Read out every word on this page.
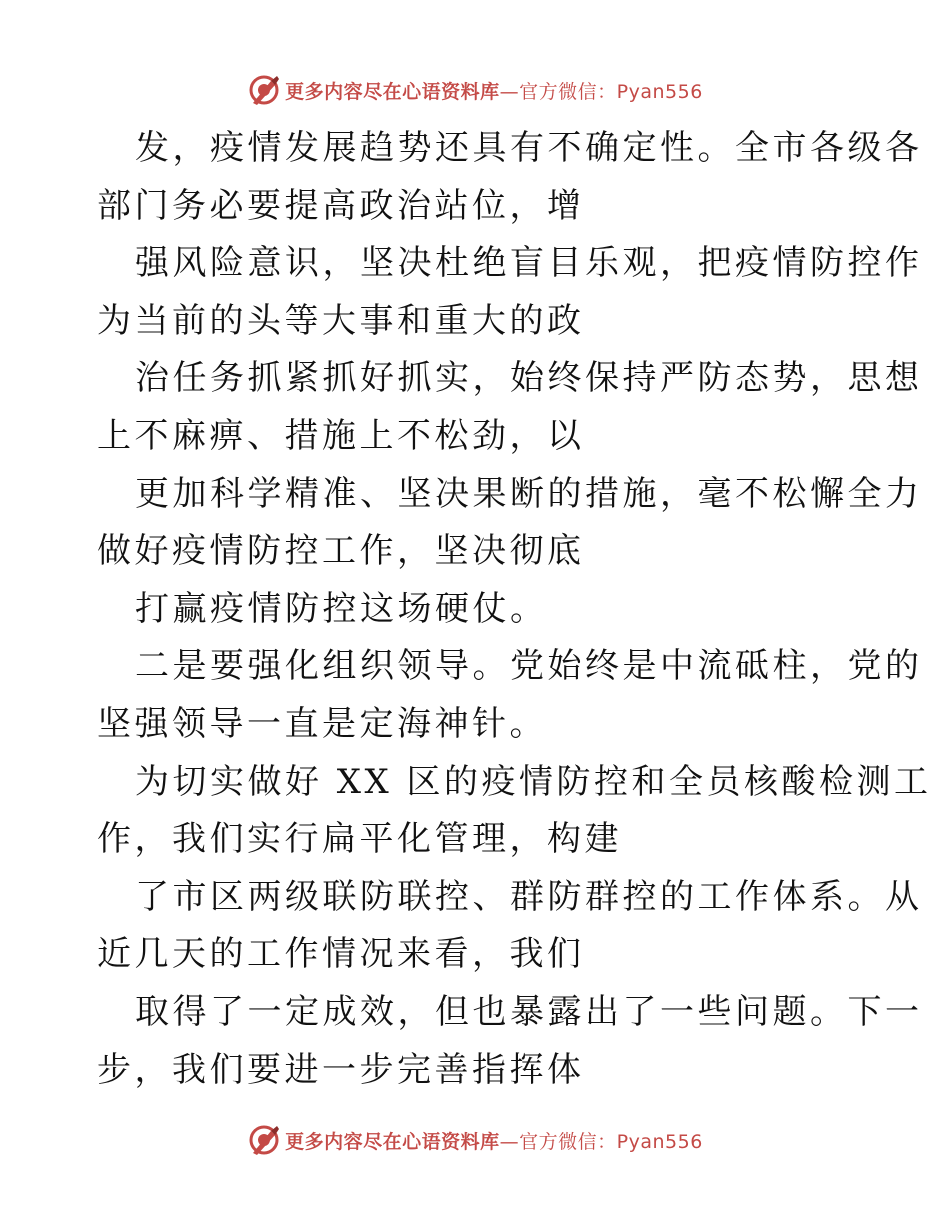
更多内容尽在心语资料库—官方微信：Pyan556
发，疫情发展趋势还具有不确定性。全市各级各
部门务必要提高政治站位，增
强风险意识，坚决杜绝盲目乐观，把疫情防控作
为当前的头等大事和重大的政
治任务抓紧抓好抓实，始终保持严防态势，思想
上不麻痹、措施上不松劲，以
更加科学精准、坚决果断的措施，毫不松懈全力
做好疫情防控工作，坚决彻底
打赢疫情防控这场硬仗。
二是要强化组织领导。党始终是中流砥柱，党的
坚强领导一直是定海神针。
为切实做好 XX 区的疫情防控和全员核酸检测工
作，我们实行扁平化管理，构建
了市区两级联防联控、群防群控的工作体系。从
近几天的工作情况来看，我们
取得了一定成效，但也暴露出了一些问题。下一
步，我们要进一步完善指挥体
更多内容尽在心语资料库—官方微信：Pyan556
